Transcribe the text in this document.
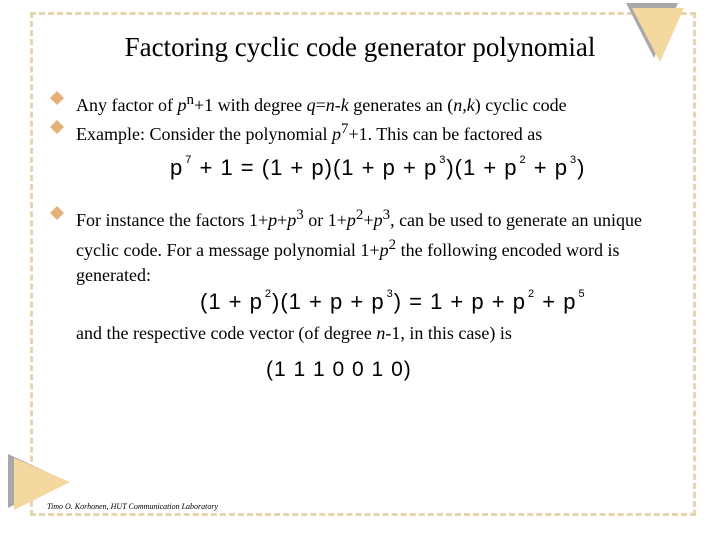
Factoring cyclic code generator polynomial
Any factor of $p^n+1$ with degree q=n-k generates an (n,k) cyclic code
Example: Consider the polynomial $p^7+1$. This can be factored as
For instance the factors $1+p+p^3$ or $1+p^2+p^3$, can be used to generate an unique cyclic code. For a message polynomial $1+p^2$ the following encoded word is generated:
p $^7$ + 1 = (1 + p)(1 + p + p $^3$)(1 + p $^2$ + p $^3$)
(1 + p $^2$)(1 + p + p $^3$) = 1 + p + p $^2$ + p $^5$
and the respective code vector (of degree n-1, in this case) is
(1 1 1 0 0 1 0)
Timo O. Korhonen, HUT Communication Laboratory
